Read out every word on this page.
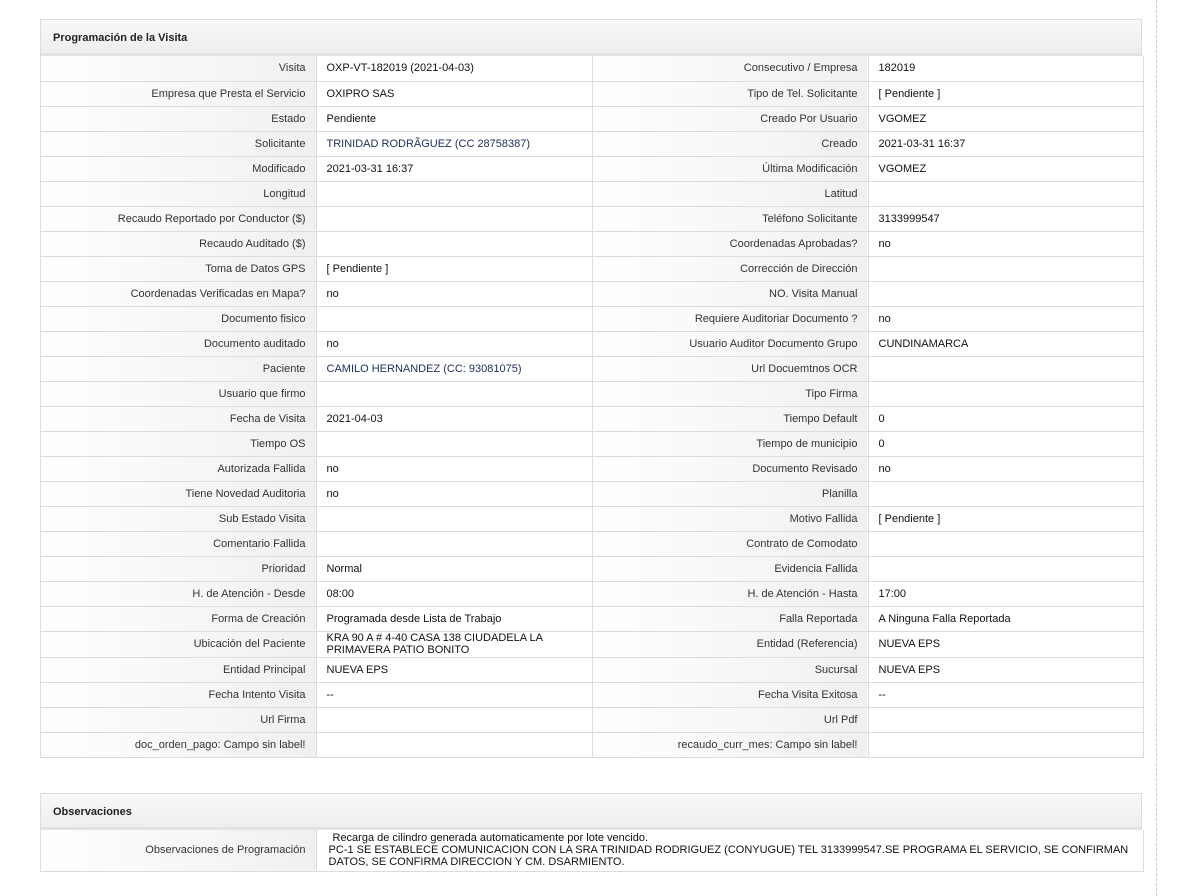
Programación de la Visita
Visita	OXP-VT-182019 (2021-04-03)	Consecutivo / Empresa	182019
Empresa que Presta el Servicio	OXIPRO SAS	Tipo de Tel. Solicitante	[ Pendiente ]
Estado	Pendiente	Creado Por Usuario	VGOMEZ
Solicitante	TRINIDAD RODRÃGUEZ (CC 28758387)	Creado	2021-03-31 16:37
Modificado	2021-03-31 16:37	Última Modificación	VGOMEZ
Longitud		Latitud	
Recaudo Reportado por Conductor ($)		Teléfono Solicitante	3133999547
Recaudo Auditado ($)		Coordenadas Aprobadas?	no
Toma de Datos GPS	[ Pendiente ]	Corrección de Dirección	
Coordenadas Verificadas en Mapa?	no	NO. Visita Manual	
Documento fisico		Requiere Auditoriar Documento ?	no
Documento auditado	no	Usuario Auditor Documento Grupo	CUNDINAMARCA
Paciente	CAMILO HERNANDEZ (CC: 93081075)	Url Docuemtnos OCR	
Usuario que firmo		Tipo Firma	
Fecha de Visita	2021-04-03	Tiempo Default	0
Tiempo OS		Tiempo de municipio	0
Autorizada Fallida	no	Documento Revisado	no
Tiene Novedad Auditoria	no	Planilla	
Sub Estado Visita		Motivo Fallida	[ Pendiente ]
Comentario Fallida		Contrato de Comodato	
Prioridad	Normal	Evidencia Fallida	
H. de Atención - Desde	08:00	H. de Atención - Hasta	17:00
Forma de Creación	Programada desde Lista de Trabajo	Falla Reportada	A Ninguna Falla Reportada
Ubicación del Paciente	KRA 90 A # 4-40 CASA 138 CIUDADELA LA PRIMAVERA PATIO BONITO	Entidad (Referencia)	NUEVA EPS
Entidad Principal	NUEVA EPS	Sucursal	NUEVA EPS
Fecha Intento Visita	--	Fecha Visita Exitosa	--
Url Firma		Url Pdf	
doc_orden_pago: Campo sin label!		recaudo_curr_mes: Campo sin label!	
Observaciones
Observaciones de Programación	
Recarga de cilindro generada automaticamente por lote vencido.
PC-1 SE ESTABLECE COMUNICACION CON LA SRA TRINIDAD RODRIGUEZ (CONYUGUE) TEL 3133999547.SE PROGRAMA EL SERVICIO, SE CONFIRMAN DATOS, SE CONFIRMA DIRECCION Y CM. DSARMIENTO.
